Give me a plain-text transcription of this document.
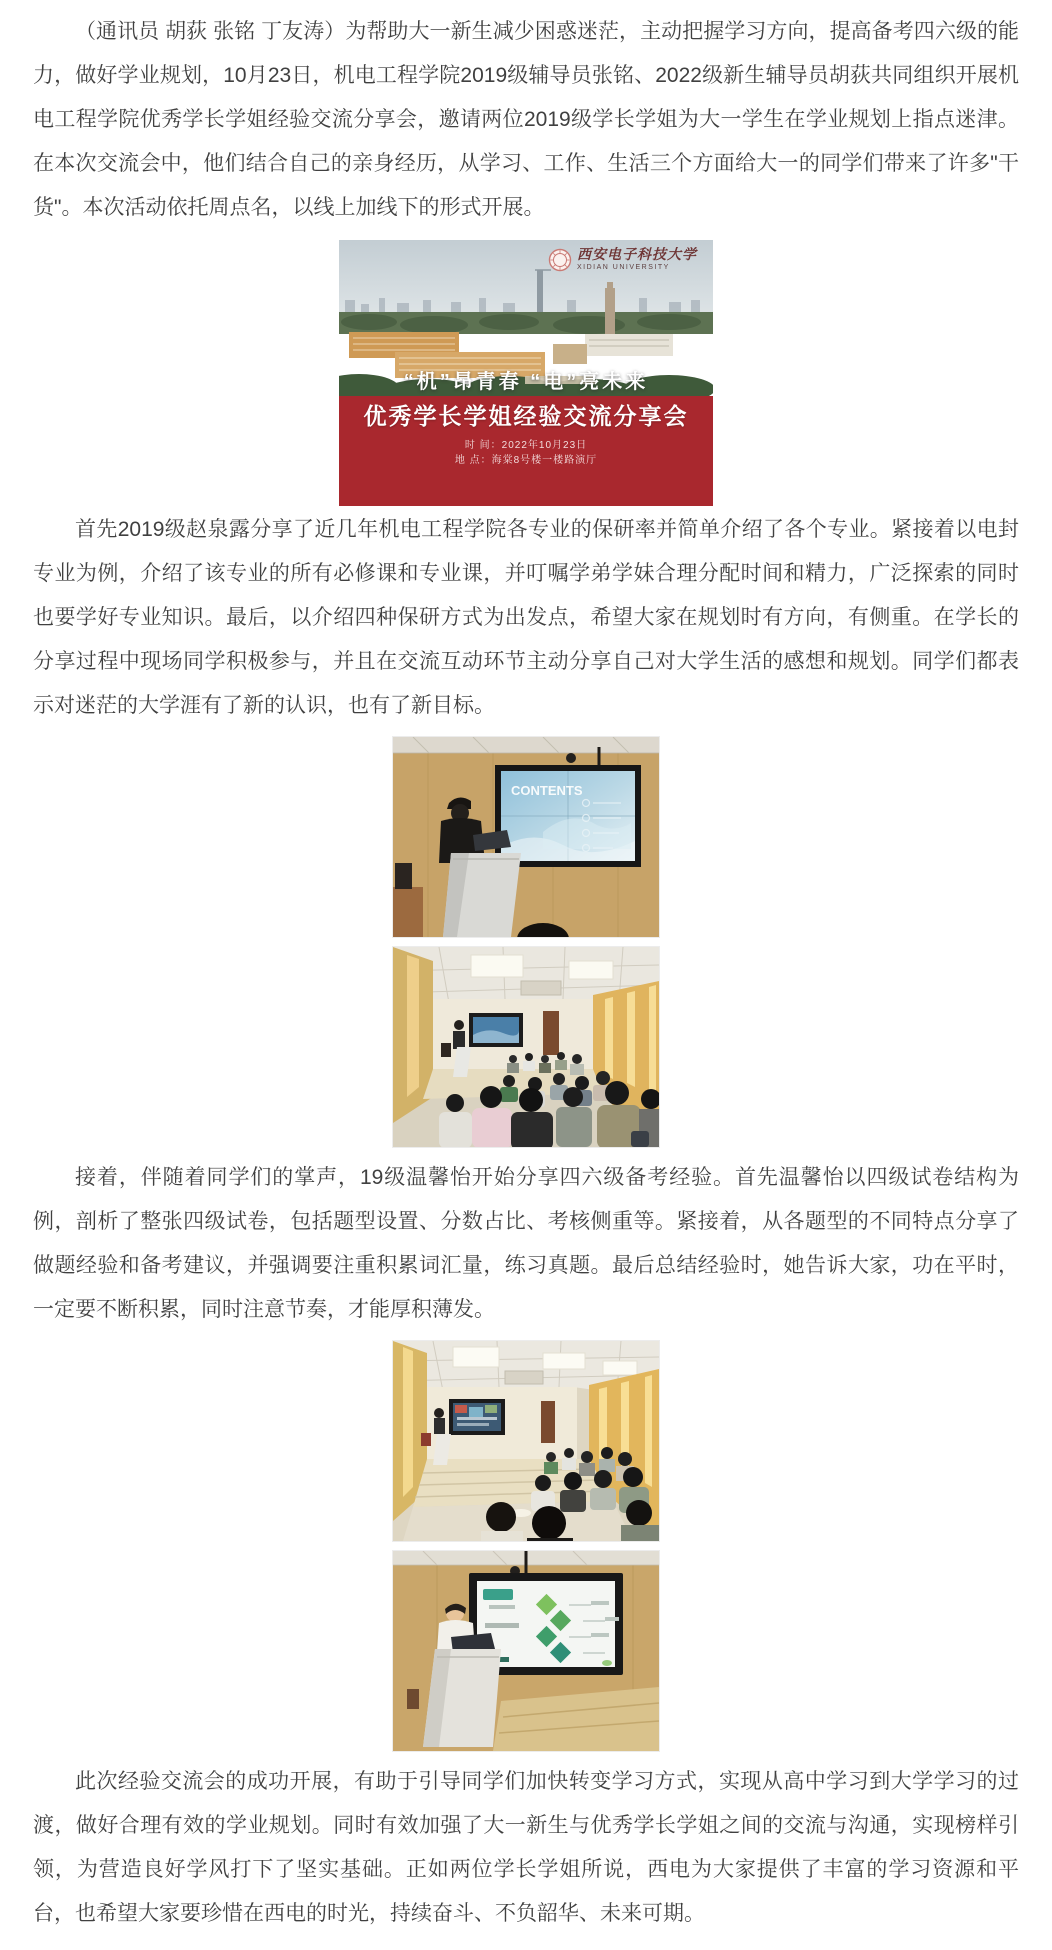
（通讯员 胡荻 张铭 丁友涛）为帮助大一新生减少困惑迷茫，主动把握学习方向，提高备考四六级的能力，做好学业规划，10月23日，机电工程学院2019级辅导员张铭、2022级新生辅导员胡荻共同组织开展机电工程学院优秀学长学姐经验交流分享会，邀请两位2019级学长学姐为大一学生在学业规划上指点迷津。在本次交流会中，他们结合自己的亲身经历，从学习、工作、生活三个方面给大一的同学们带来了许多"干货"。本次活动依托周点名，以线上加线下的形式开展。

西安电子科技大学
XIDIAN UNIVERSITY
“机”昂青春 “电”亮未来
优秀学长学姐经验交流分享会
时 间：2022年10月23日
地 点：海棠8号楼一楼路演厅

首先2019级赵泉露分享了近几年机电工程学院各专业的保研率并简单介绍了各个专业。紧接着以电封专业为例，介绍了该专业的所有必修课和专业课，并叮嘱学弟学妹合理分配时间和精力，广泛探索的同时也要学好专业知识。最后，以介绍四种保研方式为出发点，希望大家在规划时有方向，有侧重。在学长的分享过程中现场同学积极参与，并且在交流互动环节主动分享自己对大学生活的感想和规划。同学们都表示对迷茫的大学涯有了新的认识，也有了新目标。

CONTENTS

接着，伴随着同学们的掌声，19级温馨怡开始分享四六级备考经验。首先温馨怡以四级试卷结构为例，剖析了整张四级试卷，包括题型设置、分数占比、考核侧重等。紧接着，从各题型的不同特点分享了做题经验和备考建议，并强调要注重积累词汇量，练习真题。最后总结经验时，她告诉大家，功在平时，一定要不断积累，同时注意节奏，才能厚积薄发。

此次经验交流会的成功开展，有助于引导同学们加快转变学习方式，实现从高中学习到大学学习的过渡，做好合理有效的学业规划。同时有效加强了大一新生与优秀学长学姐之间的交流与沟通，实现榜样引领，为营造良好学风打下了坚实基础。正如两位学长学姐所说，西电为大家提供了丰富的学习资源和平台，也希望大家要珍惜在西电的时光，持续奋斗、不负韶华、未来可期。
